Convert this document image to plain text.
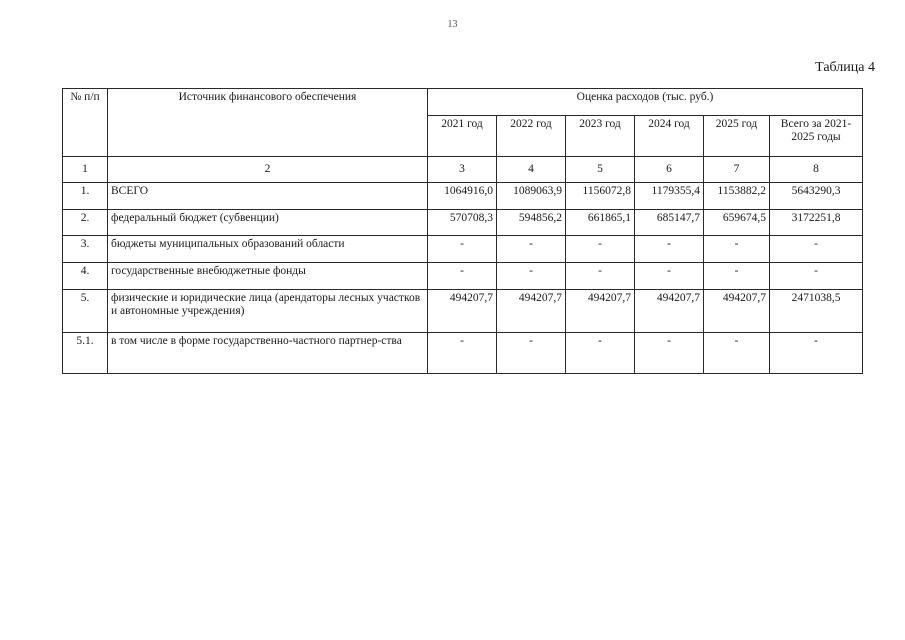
13
Таблица 4
№ п/п	Источник финансового обеспечения	Оценка расходов (тыс. руб.)					
		2021 год	2022 год	2023 год	2024 год	2025 год	Всего за 2021-2025 годы
1	2	3	4	5	6	7	8
1.	ВСЕГО	1064916,0	1089063,9	1156072,8	1179355,4	1153882,2	5643290,3
2.	федеральный бюджет (субвенции)	570708,3	594856,2	661865,1	685147,7	659674,5	3172251,8
3.	бюджеты муниципальных образований области	-	-	-	-	-	-
4.	государственные внебюджетные фонды	-	-	-	-	-	-
5.	физические и юридические лица (арендаторы лесных участков и автономные учреждения)	494207,7	494207,7	494207,7	494207,7	494207,7	2471038,5
5.1.	в том числе в форме государственно-частного партнер-ства	-	-	-	-	-	-
